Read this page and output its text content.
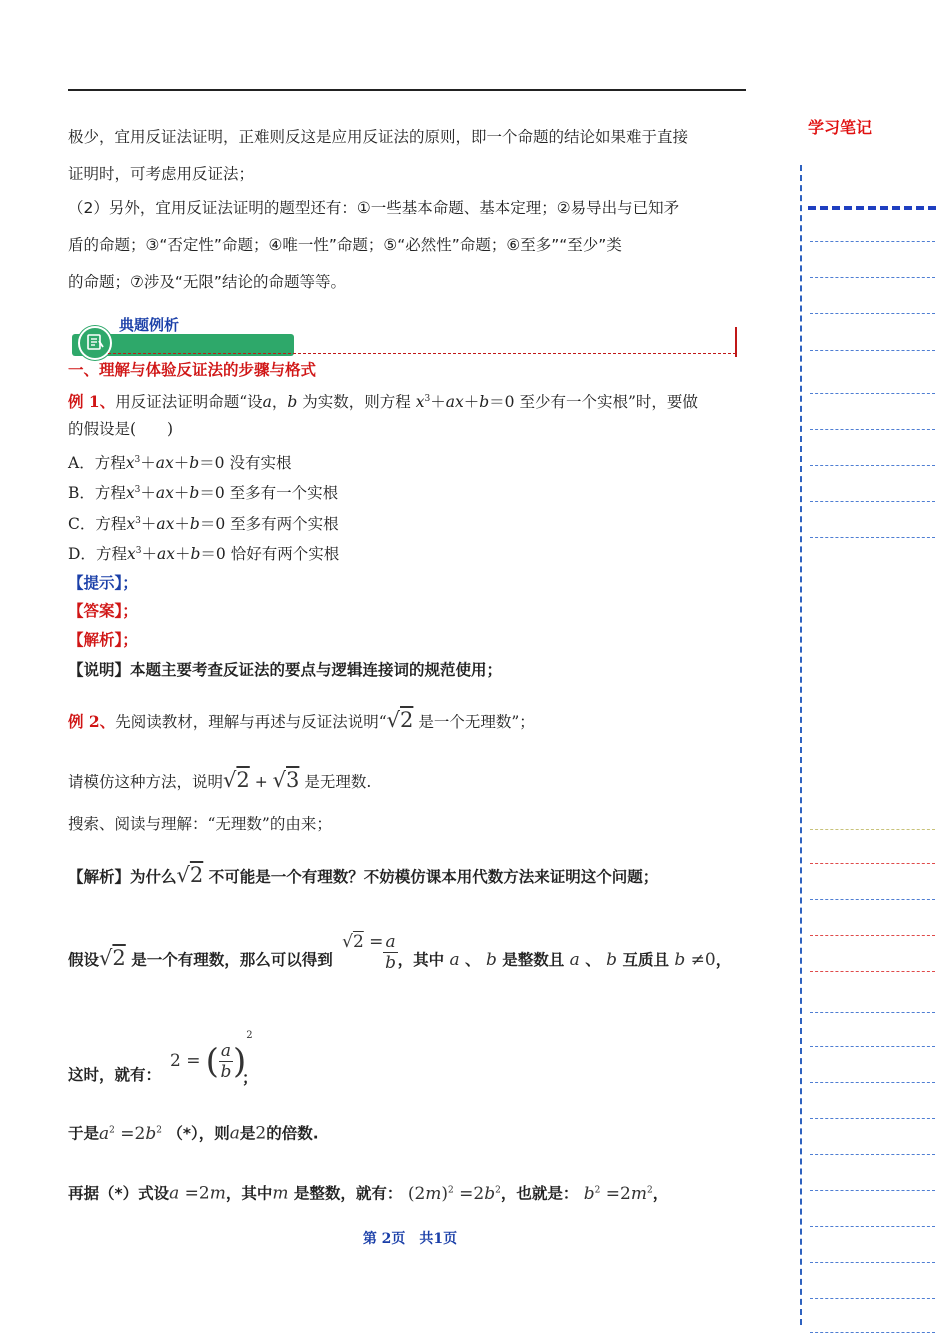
学习笔记
极少，宜用反证法证明，正难则反这是应用反证法的原则，即一个命题的结论如果难于直接
证明时，可考虑用反证法；
（2）另外，宜用反证法证明的题型还有：①一些基本命题、基本定理；②易导出与已知矛
盾的命题；③“否定性”命题；④唯一性”命题；⑤“必然性”命题；⑥至多”“至少”类
的命题；⑦涉及“无限”结论的命题等等。
典题例析
一、理解与体验反证法的步骤与格式
例 1、用反证法证明命题“设a，b 为实数，则方程 $x^3+ax+b=0$ 至少有一个实根”时，要做
的假设是(　　)
A．方程$x^3+ax+b=0$ 没有实根
B．方程$x^3+ax+b=0$ 至多有一个实根
C．方程$x^3+ax+b=0$ 至多有两个实根
D．方程$x^3+ax+b=0$ 恰好有两个实根
【提示】；
【答案】；
【解析】；
【说明】本题主要考查反证法的要点与逻辑连接词的规范使用；
例 2、先阅读教材，理解与再述与反证法说明“√2 是一个无理数”；
请模仿这种方法，说明√2 + √3 是无理数.
搜索、阅读与理解：“无理数”的由来；
【解析】为什么√2 不可能是一个有理数？不妨模仿课本用代数方法来证明这个问题；
假设√2 是一个有理数，那么可以得到 $√2 = \frac{a}{b}$ ，其中 a 、 b 是整数且 a 、 b 互质且 b ≠0，
这时，就有：
2 = ( $\frac{a}{b} )^2$
；
于是$a^2 =2b^2$ （*），则a是2的倍数.
再据（*）式设a =2m，其中m 是整数，就有： $(2m)^2 =2b^2$，也就是： $b^2 =2m^2$，
第 2页　共1页
